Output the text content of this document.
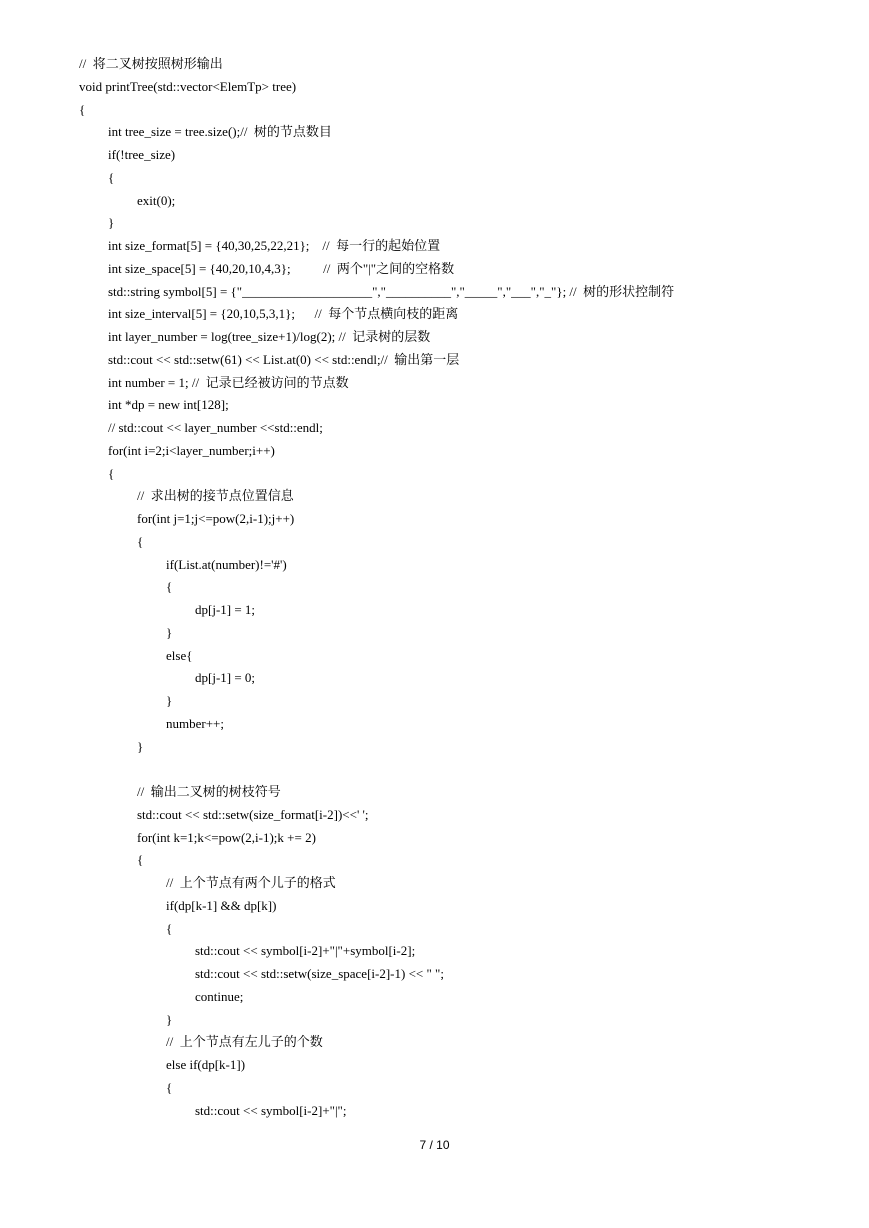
//  将二叉树按照树形输出
void printTree(std::vector<ElemTp> tree)
{
int tree_size = tree.size();//  树的节点数目
if(!tree_size)
{
exit(0);
}
int size_format[5] = {40,30,25,22,21};    //  每一行的起始位置
int size_space[5] = {40,20,10,4,3};          //  两个"|"之间的空格数
std::string symbol[5] = {"____________________","__________","_____","___","_"}; //  树的形状控制符
int size_interval[5] = {20,10,5,3,1};      //  每个节点横向枝的距离
int layer_number = log(tree_size+1)/log(2); //  记录树的层数
std::cout << std::setw(61) << List.at(0) << std::endl;//  输出第一层
int number = 1; //  记录已经被访问的节点数
int *dp = new int[128];
// std::cout << layer_number <<std::endl;
for(int i=2;i<layer_number;i++)
{
//  求出树的接节点位置信息
for(int j=1;j<=pow(2,i-1);j++)
{
if(List.at(number)!='#')
{
dp[j-1] = 1;
}
else{
dp[j-1] = 0;
}
number++;
}
//  输出二叉树的树枝符号
std::cout << std::setw(size_format[i-2])<<' ';
for(int k=1;k<=pow(2,i-1);k += 2)
{
//  上个节点有两个儿子的格式
if(dp[k-1] && dp[k])
{
std::cout << symbol[i-2]+"|"+symbol[i-2];
std::cout << std::setw(size_space[i-2]-1) << " ";
continue;
}
//  上个节点有左儿子的个数
else if(dp[k-1])
{
std::cout << symbol[i-2]+"|";
7 / 10
